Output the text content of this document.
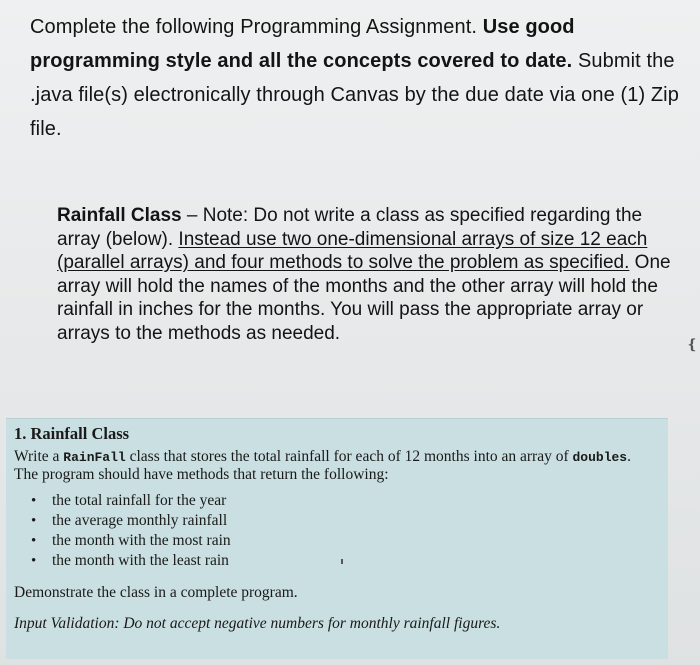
Complete the following Programming Assignment. Use good programming style and all the concepts covered to date. Submit the .java file(s) electronically through Canvas by the due date via one (1) Zip file.
Rainfall Class – Note: Do not write a class as specified regarding the array (below). Instead use two one-dimensional arrays of size 12 each (parallel arrays) and four methods to solve the problem as specified. One array will hold the names of the months and the other array will hold the rainfall in inches for the months. You will pass the appropriate array or arrays to the methods as needed.
❴
1. Rainfall Class
Write a RainFall class that stores the total rainfall for each of 12 months into an array of doubles. The program should have methods that return the following:
• the total rainfall for the year
• the average monthly rainfall
• the month with the most rain
• the month with the least rain
Demonstrate the class in a complete program.
Input Validation: Do not accept negative numbers for monthly rainfall figures.
